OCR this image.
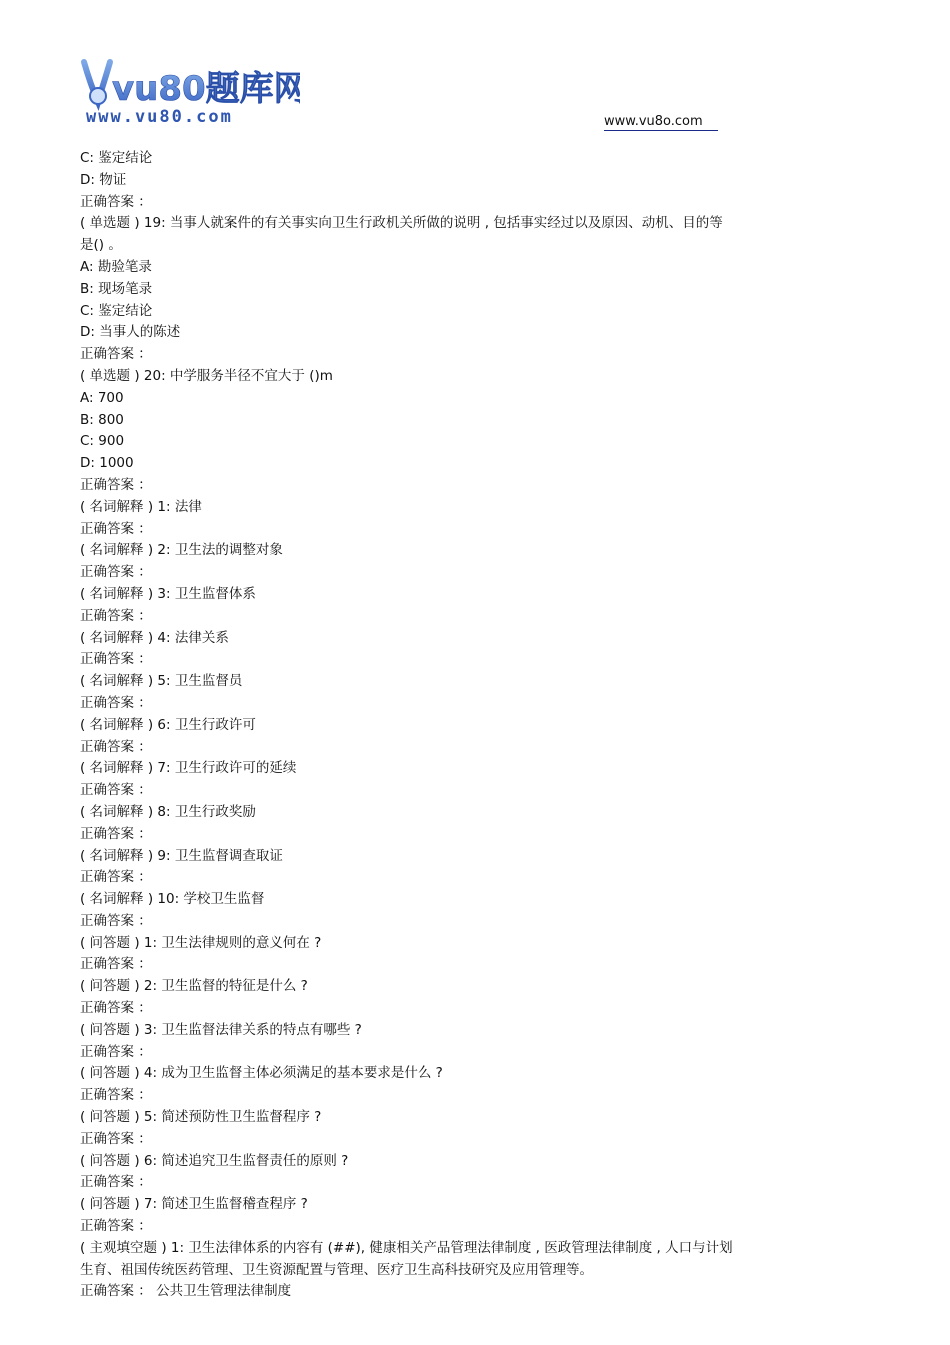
vu80题库网
www.vu80.com	www.vu8o.com
C: 鉴定结论
D: 物证
正确答案 ：
( 单选题 ) 19: 当事人就案件的有关事实向卫生行政机关所做的说明 , 包括事实经过以及原因、动机、目的等
是() 。
A: 勘验笔录
B: 现场笔录
C: 鉴定结论
D: 当事人的陈述
正确答案 ：
( 单选题 ) 20: 中学服务半径不宜大于 ()m
A: 700
B: 800
C: 900
D: 1000
正确答案 ：
( 名词解释 ) 1: 法律
正确答案 ：
( 名词解释 ) 2: 卫生法的调整对象
正确答案 ：
( 名词解释 ) 3: 卫生监督体系
正确答案 ：
( 名词解释 ) 4: 法律关系
正确答案 ：
( 名词解释 ) 5: 卫生监督员
正确答案 ：
( 名词解释 ) 6: 卫生行政许可
正确答案 ：
( 名词解释 ) 7: 卫生行政许可的延续
正确答案 ：
( 名词解释 ) 8: 卫生行政奖励
正确答案 ：
( 名词解释 ) 9: 卫生监督调查取证
正确答案 ：
( 名词解释 ) 10: 学校卫生监督
正确答案 ：
( 问答题 ) 1: 卫生法律规则的意义何在 ?
正确答案 ：
( 问答题 ) 2: 卫生监督的特征是什么 ?
正确答案 ：
( 问答题 ) 3: 卫生监督法律关系的特点有哪些 ?
正确答案 ：
( 问答题 ) 4: 成为卫生监督主体必须满足的基本要求是什么 ?
正确答案 ：
( 问答题 ) 5: 简述预防性卫生监督程序 ?
正确答案 ：
( 问答题 ) 6: 简述追究卫生监督责任的原则 ?
正确答案 ：
( 问答题 ) 7: 简述卫生监督稽查程序 ?
正确答案 ：
( 主观填空题 ) 1: 卫生法律体系的内容有 (##), 健康相关产品管理法律制度 , 医政管理法律制度 , 人口与计划
生育、祖国传统医药管理、卫生资源配置与管理、医疗卫生高科技研究及应用管理等。
正确答案 ： 公共卫生管理法律制度
